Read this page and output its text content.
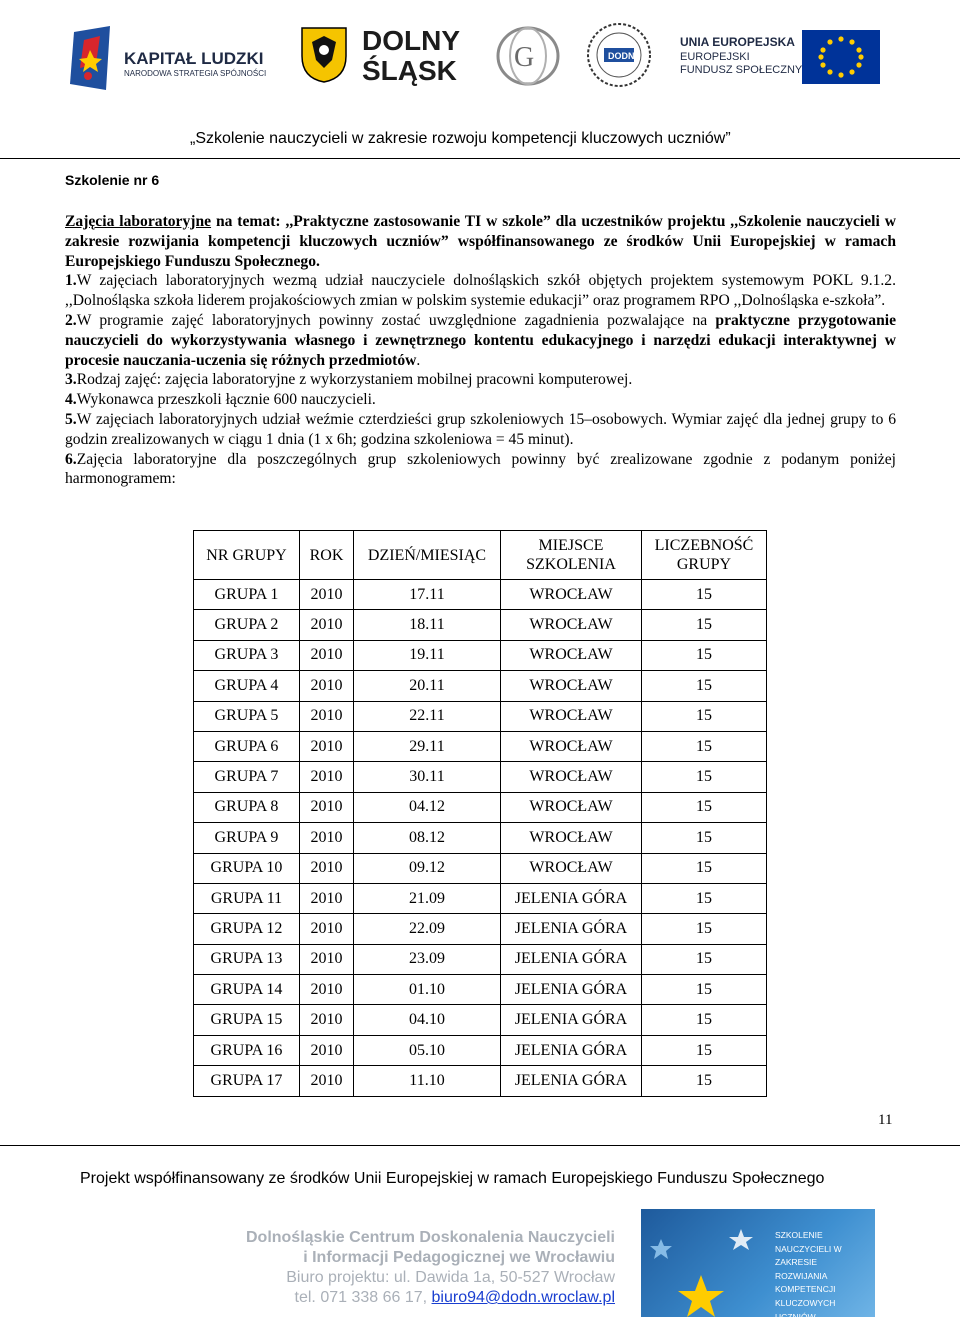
KAPITAŁ LUDZKI
NARODOWA STRATEGIA SPÓJNOŚCI
DOLNY
ŚLĄSK G	DODN
UNIA EUROPEJSKA
EUROPEJSKI
FUNDUSZ SPOŁECZNY
„Szkolenie nauczycieli w zakresie rozwoju kompetencji kluczowych uczniów”
Szkolenie nr 6

Zajęcia laboratoryjne na temat: ,,Praktyczne zastosowanie TI w szkole” dla uczestników projektu ,,Szkolenie nauczycieli w zakresie rozwijania kompetencji kluczowych uczniów” współfinansowanego ze środków Unii Europejskiej w ramach Europejskiego Funduszu Społecznego.

1.W zajęciach laboratoryjnych wezmą udział nauczyciele dolnośląskich szkół objętych projektem systemowym POKL 9.1.2. ,,Dolnośląska szkoła liderem projakościowych zmian w polskim systemie edukacji” oraz programem RPO ,,Dolnośląska e-szkoła”.

2.W programie zajęć laboratoryjnych powinny zostać uwzględnione zagadnienia pozwalające na praktyczne przygotowanie nauczycieli do wykorzystywania własnego i zewnętrznego kontentu edukacyjnego i narzędzi edukacji interaktywnej w procesie nauczania-uczenia się różnych przedmiotów.

3.Rodzaj zajęć: zajęcia laboratoryjne z wykorzystaniem mobilnej pracowni komputerowej.

4.Wykonawca przeszkoli łącznie 600 nauczycieli.

5.W zajęciach laboratoryjnych udział weźmie czterdzieści grup szkoleniowych 15–osobowych. Wymiar zajęć dla jednej grupy to 6 godzin zrealizowanych w ciągu 1 dnia (1 x 6h; godzina szkoleniowa = 45 minut).

6.Zajęcia laboratoryjne dla poszczególnych grup szkoleniowych powinny być zrealizowane zgodnie z podanym poniżej harmonogramem:

NR GRUPY	ROK	DZIEŃ/MIESIĄC	MIEJSCE SZKOLENIA	LICZEBNOŚĆ GRUPY
GRUPA 1	2010	17.11	WROCŁAW	15
GRUPA 2	2010	18.11	WROCŁAW	15
GRUPA 3	2010	19.11	WROCŁAW	15
GRUPA 4	2010	20.11	WROCŁAW	15
GRUPA 5	2010	22.11	WROCŁAW	15
GRUPA 6	2010	29.11	WROCŁAW	15
GRUPA 7	2010	30.11	WROCŁAW	15
GRUPA 8	2010	04.12	WROCŁAW	15
GRUPA 9	2010	08.12	WROCŁAW	15
GRUPA 10	2010	09.12	WROCŁAW	15
GRUPA 11	2010	21.09	JELENIA GÓRA	15
GRUPA 12	2010	22.09	JELENIA GÓRA	15
GRUPA 13	2010	23.09	JELENIA GÓRA	15
GRUPA 14	2010	01.10	JELENIA GÓRA	15
GRUPA 15	2010	04.10	JELENIA GÓRA	15
GRUPA 16	2010	05.10	JELENIA GÓRA	15
GRUPA 17	2010	11.10	JELENIA GÓRA	15
11
Projekt współfinansowany ze środków Unii Europejskiej w ramach Europejskiego Funduszu Społecznego
Dolnośląskie Centrum Doskonalenia Nauczycieli
i Informacji Pedagogicznej we Wrocławiu
Biuro projektu: ul. Dawida 1a, 50-527 Wrocław
tel. 071 338 66 17, biuro94@dodn.wroclaw.pl
SZKOLENIE NAUCZYCIELI W ZAKRESIE ROZWIJANIA KOMPETENCJI KLUCZOWYCH UCZNIÓW
